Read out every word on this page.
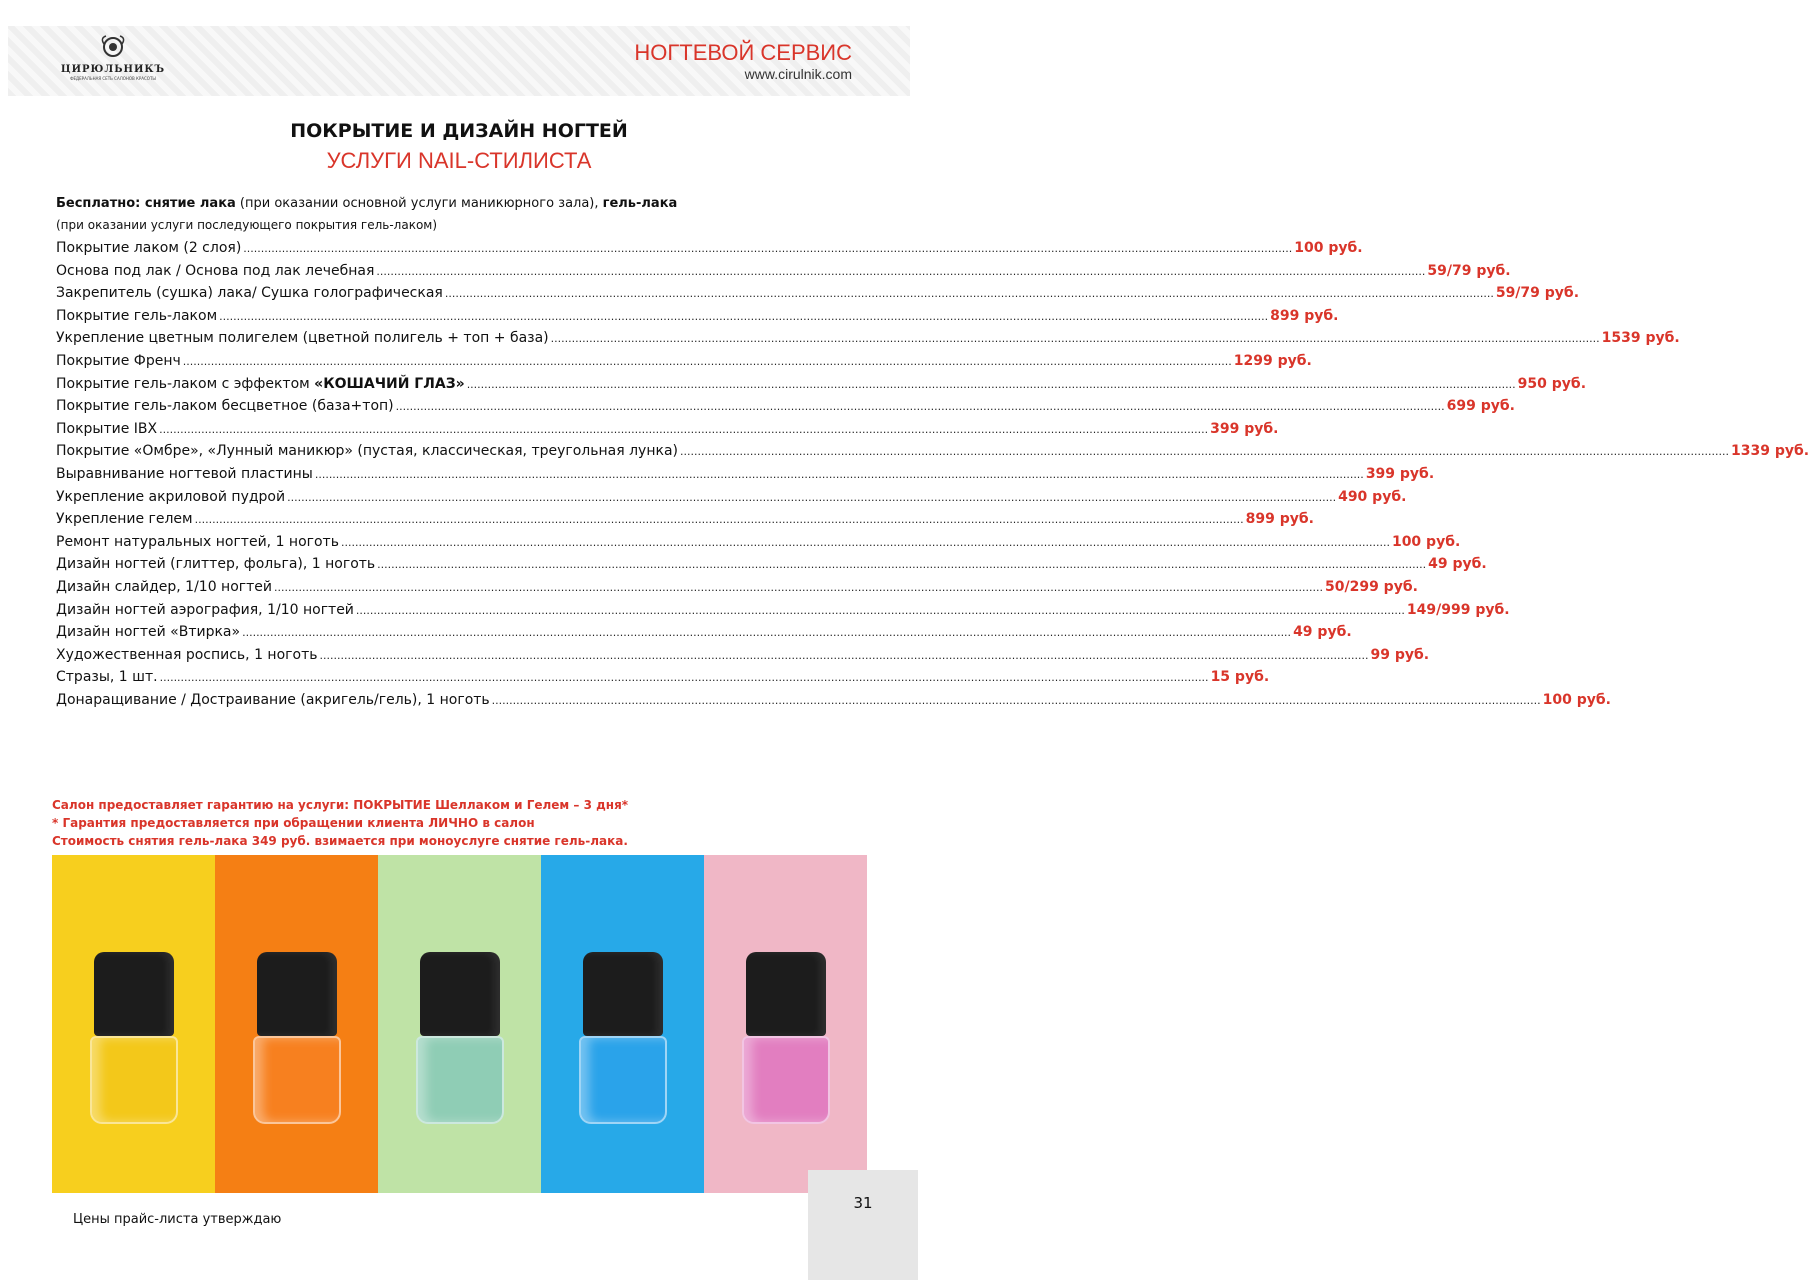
ЦИРЮЛЬНИКЪ
ФЕДЕРАЛЬНАЯ СЕТЬ САЛОНОВ КРАСОТЫ
НОГТЕВОЙ СЕРВИС
www.cirulnik.com
ПОКРЫТИЕ И ДИЗАЙН НОГТЕЙ
УСЛУГИ NAIL-СТИЛИСТА
Бесплатно: снятие лака (при оказании основной услуги маникюрного зала), гель-лака
(при оказании услуги последующего покрытия гель-лаком)
Покрытие лаком (2 слоя) ............................................................................................................................................................................................................................................................................................................ 100 руб.
Основа под лак / Основа под лак лечебная ............................................................................................................................................................................................................................................................................................................ 59/79 руб.
Закрепитель (сушка) лака/ Сушка голографическая ............................................................................................................................................................................................................................................................................................................ 59/79 руб.
Покрытие гель-лаком ............................................................................................................................................................................................................................................................................................................ 899 руб.
Укрепление цветным полигелем (цветной полигель + топ + база) ............................................................................................................................................................................................................................................................................................................ 1539 руб.
Покрытие Френч ............................................................................................................................................................................................................................................................................................................ 1299 руб.
Покрытие гель-лаком с эффектом «КОШАЧИЙ ГЛАЗ» ............................................................................................................................................................................................................................................................................................................ 950 руб.
Покрытие гель-лаком бесцветное (база+топ) ............................................................................................................................................................................................................................................................................................................ 699 руб.
Покрытие IBX ............................................................................................................................................................................................................................................................................................................ 399 руб.
Покрытие «Омбре», «Лунный маникюр» (пустая, классическая, треугольная лунка) ............................................................................................................................................................................................................................................................................................................ 1339 руб.
Выравнивание ногтевой пластины ............................................................................................................................................................................................................................................................................................................ 399 руб.
Укрепление акриловой пудрой ............................................................................................................................................................................................................................................................................................................ 490 руб.
Укрепление гелем ............................................................................................................................................................................................................................................................................................................ 899 руб.
Ремонт натуральных ногтей, 1 ноготь ............................................................................................................................................................................................................................................................................................................ 100 руб.
Дизайн ногтей (глиттер, фольга), 1 ноготь ............................................................................................................................................................................................................................................................................................................ 49 руб.
Дизайн слайдер, 1/10 ногтей ............................................................................................................................................................................................................................................................................................................ 50/299 руб.
Дизайн ногтей аэрография, 1/10 ногтей ............................................................................................................................................................................................................................................................................................................ 149/999 руб.
Дизайн ногтей «Втирка» ............................................................................................................................................................................................................................................................................................................ 49 руб.
Художественная роспись, 1 ноготь ............................................................................................................................................................................................................................................................................................................ 99 руб.
Стразы, 1 шт. ............................................................................................................................................................................................................................................................................................................ 15 руб.
Донаращивание / Достраивание (акригель/гель), 1 ноготь ............................................................................................................................................................................................................................................................................................................ 100 руб.
Салон предоставляет гарантию на услуги: ПОКРЫТИЕ Шеллаком и Гелем – 3 дня*
* Гарантия предоставляется при обращении клиента ЛИЧНО в салон
Стоимость снятия гель-лака 349 руб. взимается при моноуслуге снятие гель-лака.
Цены прайс-листа утверждаю
31
